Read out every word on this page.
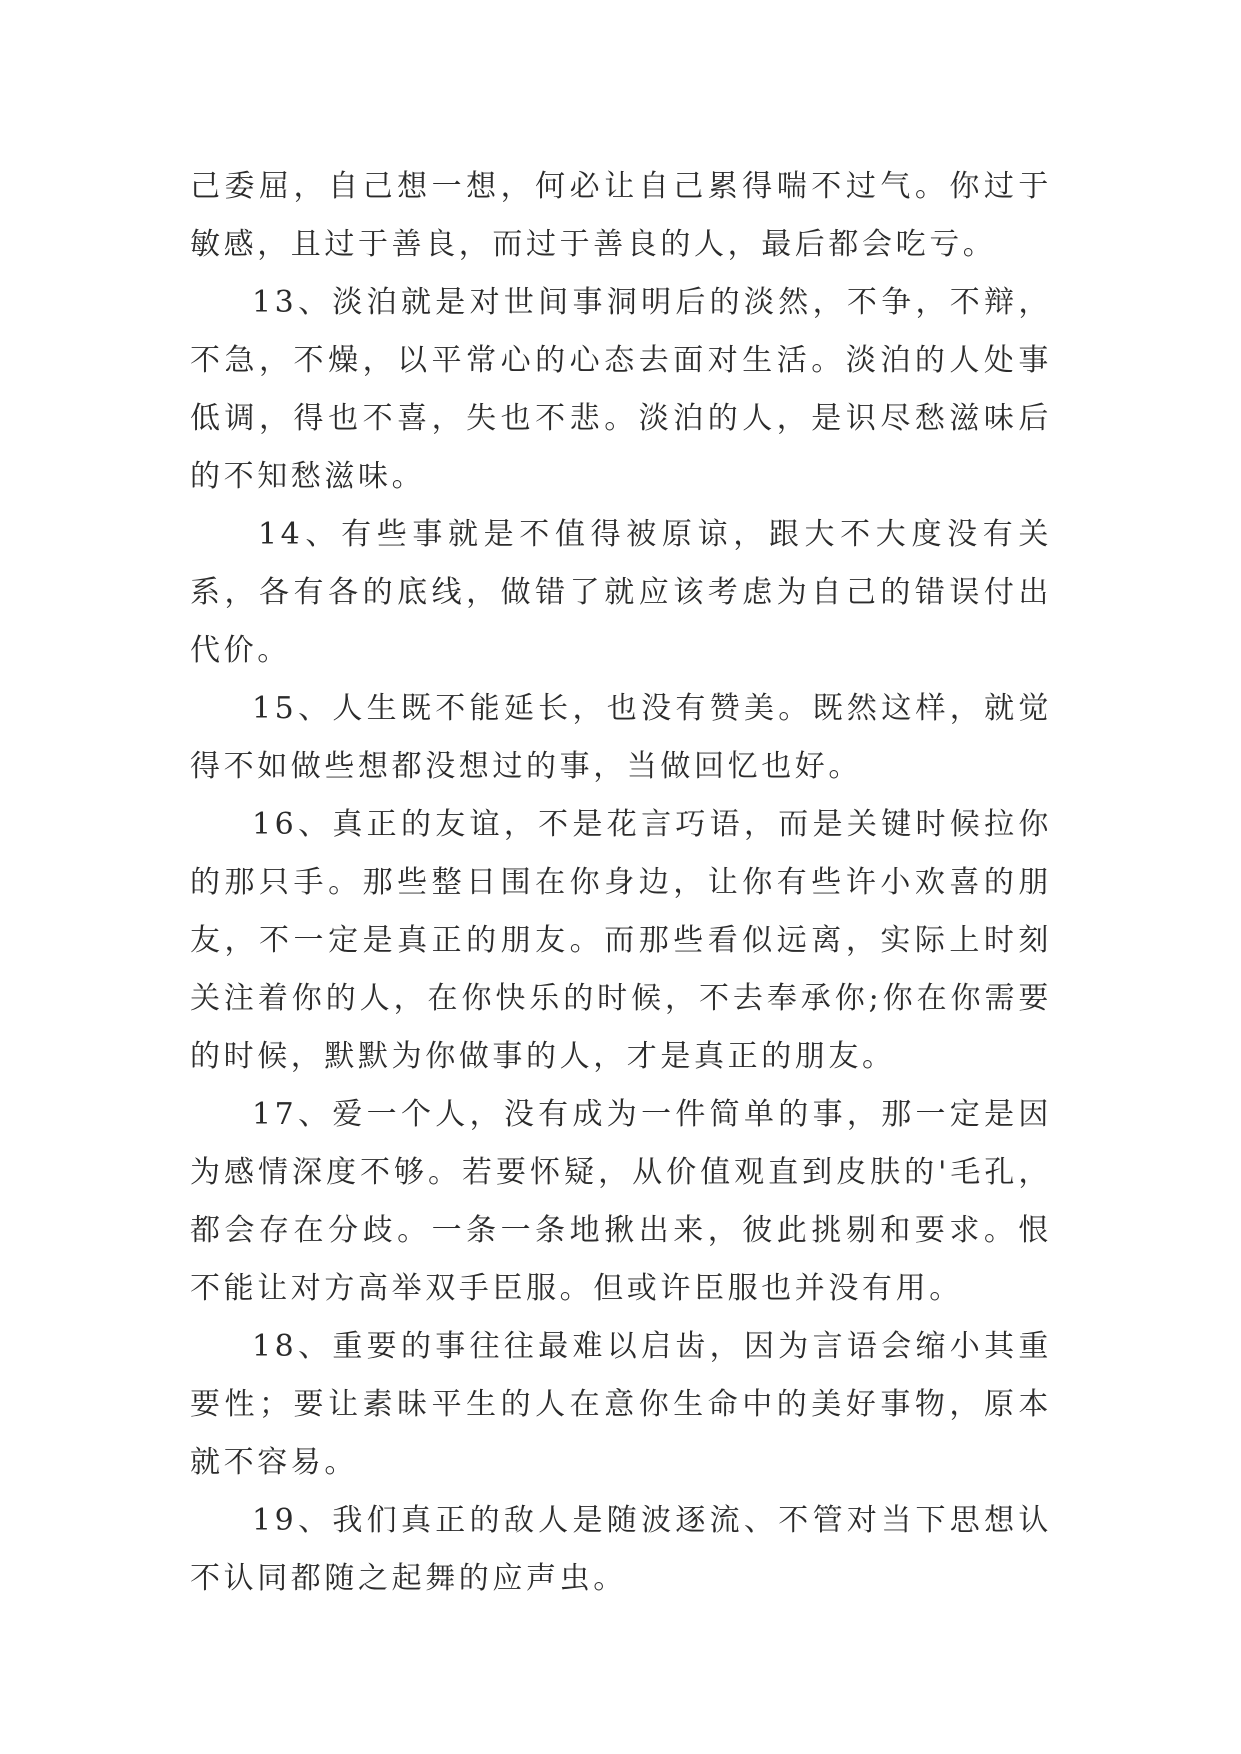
己委屈，自己想一想，何必让自己累得喘不过气。你过于敏感，且过于善良，而过于善良的人，最后都会吃亏。

13、淡泊就是对世间事洞明后的淡然，不争，不辩，不急，不燥，以平常心的心态去面对生活。淡泊的人处事低调，得也不喜，失也不悲。淡泊的人，是识尽愁滋味后的不知愁滋味。

14、有些事就是不值得被原谅，跟大不大度没有关系，各有各的底线，做错了就应该考虑为自己的错误付出代价。

15、人生既不能延长，也没有赞美。既然这样，就觉得不如做些想都没想过的事，当做回忆也好。

16、真正的友谊，不是花言巧语，而是关键时候拉你的那只手。那些整日围在你身边，让你有些许小欢喜的朋友，不一定是真正的朋友。而那些看似远离，实际上时刻关注着你的人，在你快乐的时候，不去奉承你;你在你需要的时候，默默为你做事的人，才是真正的朋友。

17、爱一个人，没有成为一件简单的事，那一定是因为感情深度不够。若要怀疑，从价值观直到皮肤的'毛孔，都会存在分歧。一条一条地揪出来，彼此挑剔和要求。恨不能让对方高举双手臣服。但或许臣服也并没有用。

18、重要的事往往最难以启齿，因为言语会缩小其重要性；要让素昧平生的人在意你生命中的美好事物，原本就不容易。

19、我们真正的敌人是随波逐流、不管对当下思想认不认同都随之起舞的应声虫。
